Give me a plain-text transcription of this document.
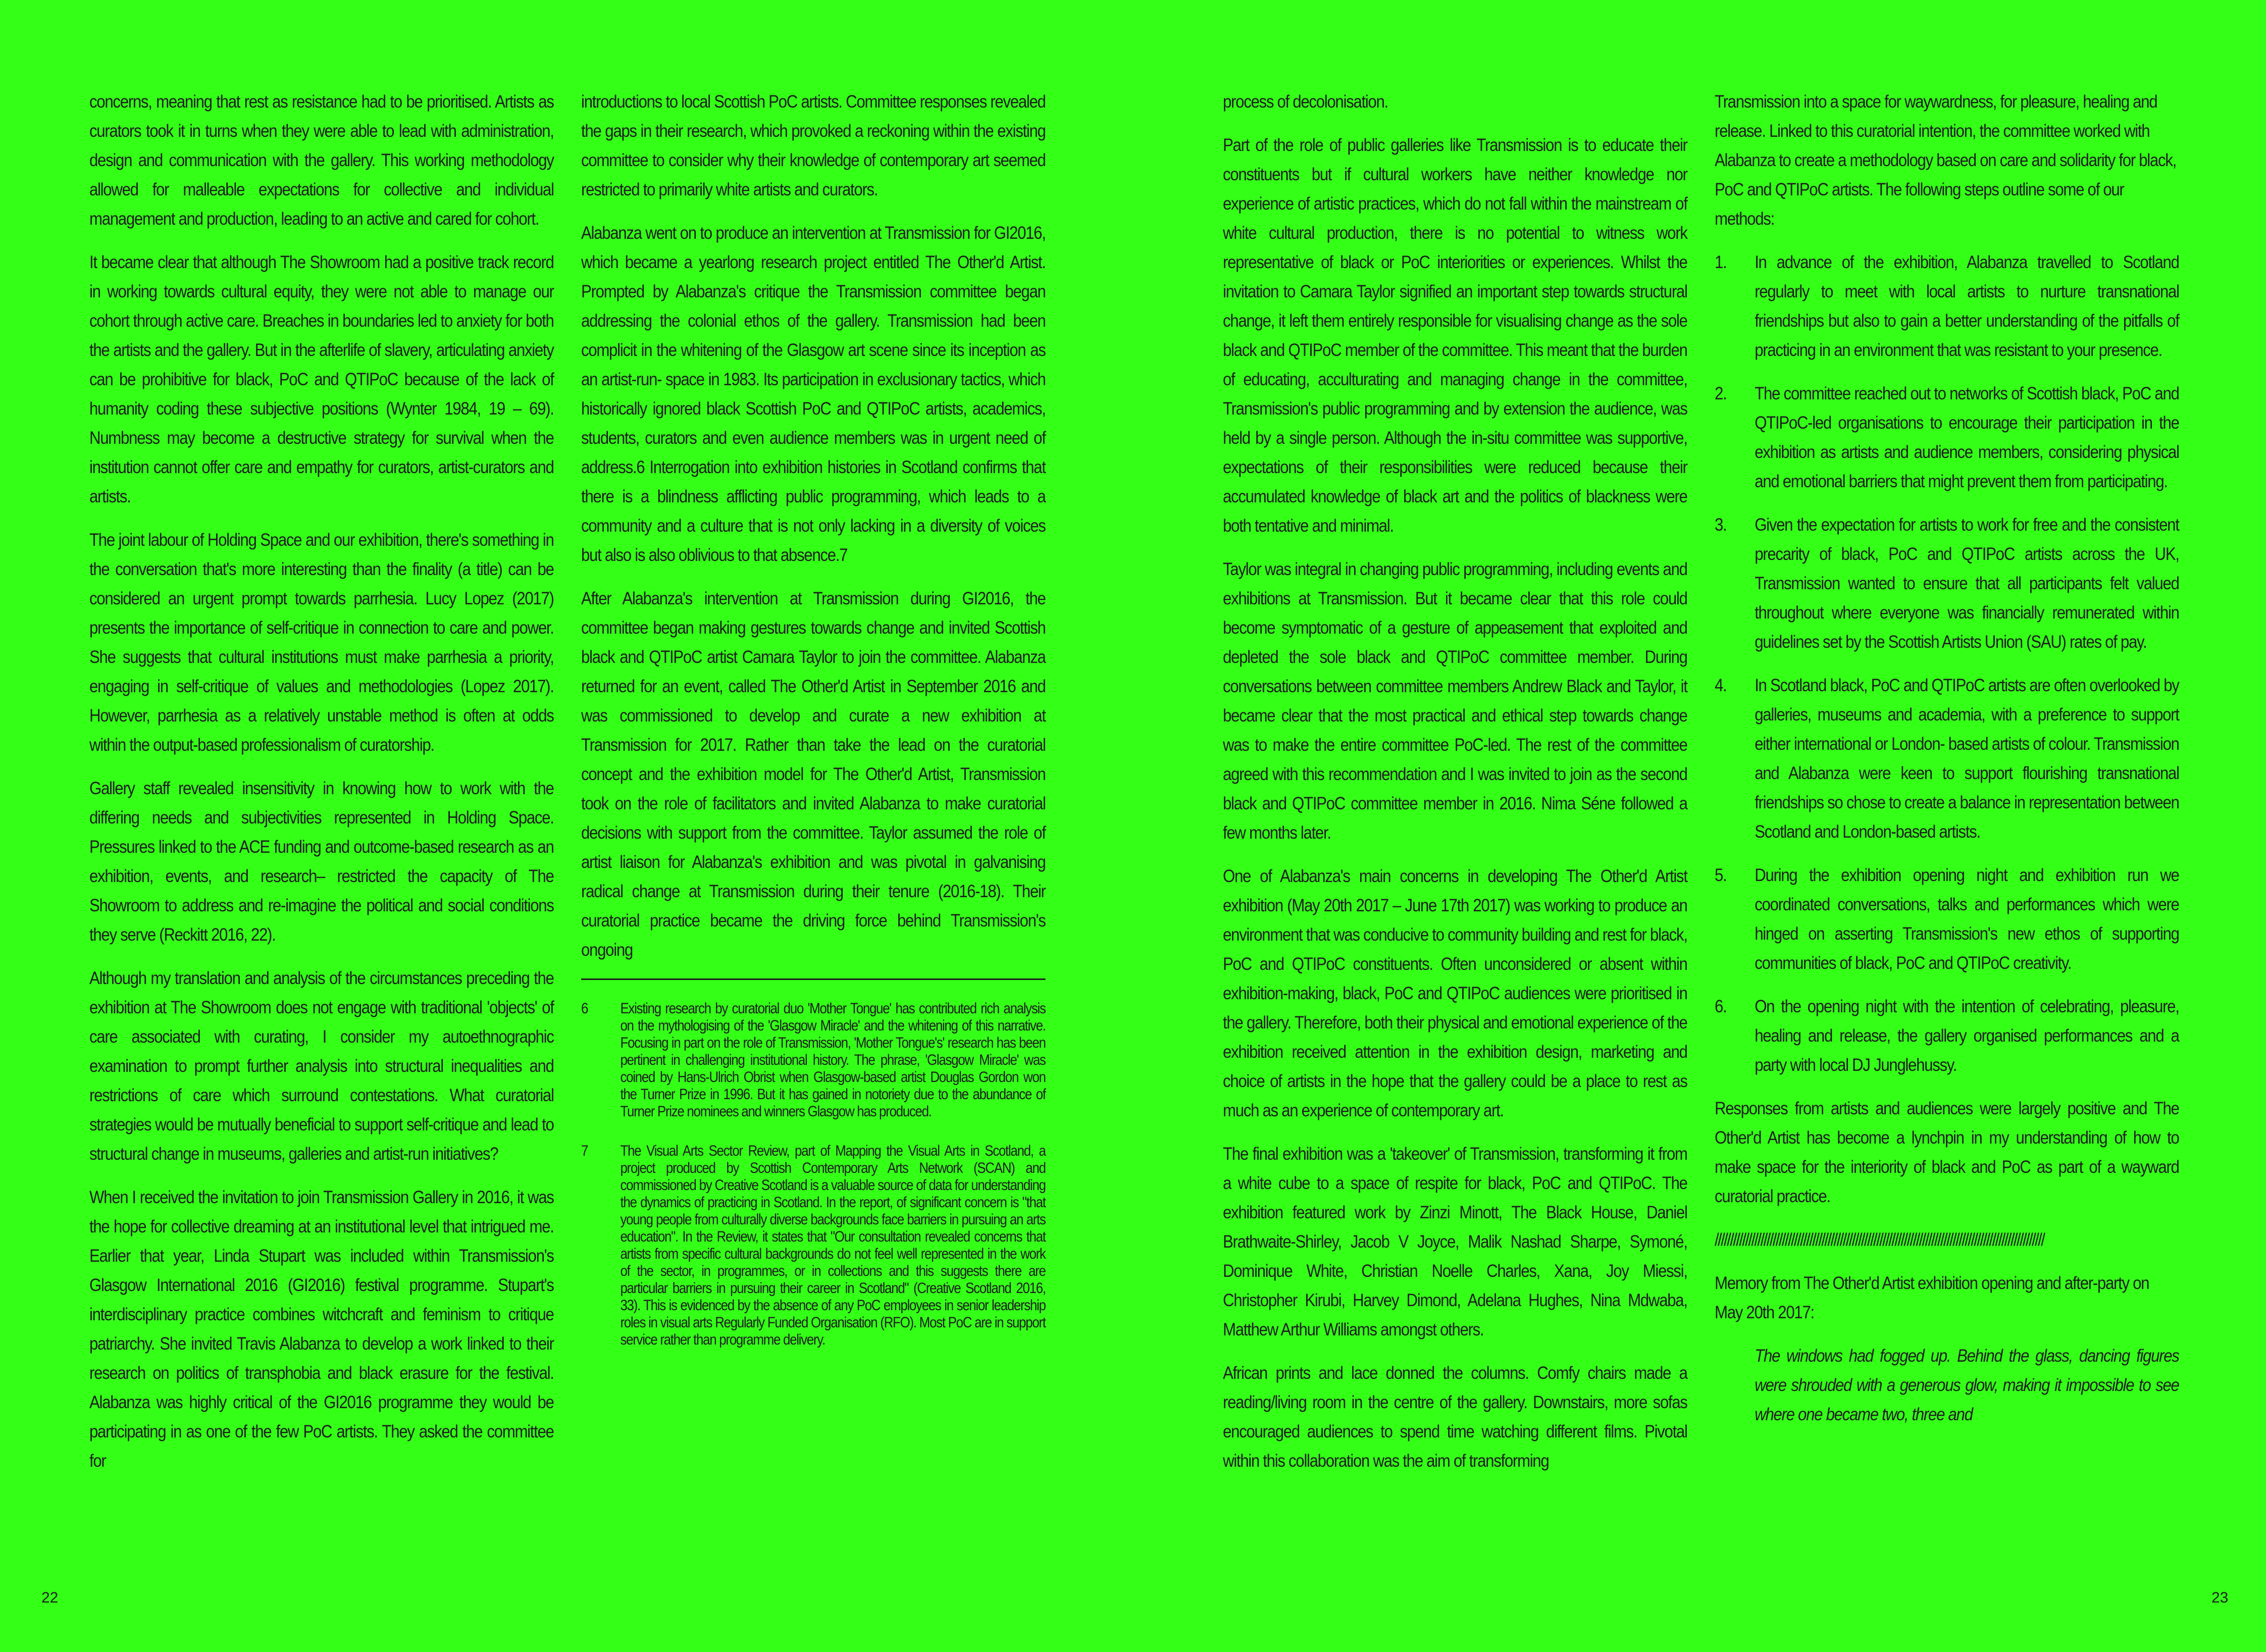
concerns, meaning that rest as resistance had to be prioritised. Artists as curators took it in turns when they were able to lead with administration, design and communication with the gallery. This working methodology allowed for malleable expectations for collective and individual management and production, leading to an active and cared for cohort.

It became clear that although The Showroom had a positive track record in working towards cultural equity, they were not able to manage our cohort through active care. Breaches in boundaries led to anxiety for both the artists and the gallery. But in the afterlife of slavery, articulating anxiety can be prohibitive for black, PoC and QTIPoC because of the lack of humanity coding these subjective positions (Wynter 1984, 19 – 69). Numbness may become a destructive strategy for survival when the institution cannot offer care and empathy for curators, artist-curators and artists.

The joint labour of Holding Space and our exhibition, there's something in the conversation that's more interesting than the finality (a title) can be considered an urgent prompt towards parrhesia. Lucy Lopez (2017) presents the importance of self-critique in connection to care and power. She suggests that cultural institutions must make parrhesia a priority, engaging in self-critique of values and methodologies (Lopez 2017). However, parrhesia as a relatively unstable method is often at odds within the output-based professionalism of curatorship.

Gallery staff revealed insensitivity in knowing how to work with the differing needs and subjectivities represented in Holding Space. Pressures linked to the ACE funding and outcome-based research as an exhibition, events, and research– restricted the capacity of The Showroom to address and re-imagine the political and social conditions they serve (Reckitt 2016, 22).

Although my translation and analysis of the circumstances preceding the exhibition at The Showroom does not engage with traditional 'objects' of care associated with curating, I consider my autoethnographic examination to prompt further analysis into structural inequalities and restrictions of care which surround contestations. What curatorial strategies would be mutually beneficial to support self-critique and lead to structural change in museums, galleries and artist-run initiatives?

When I received the invitation to join Transmission Gallery in 2016, it was the hope for collective dreaming at an institutional level that intrigued me. Earlier that year, Linda Stupart was included within Transmission's Glasgow International 2016 (GI2016) festival programme. Stupart's interdisciplinary practice combines witchcraft and feminism to critique patriarchy. She invited Travis Alabanza to develop a work linked to their research on politics of transphobia and black erasure for the festival. Alabanza was highly critical of the GI2016 programme they would be participating in as one of the few PoC artists. They asked the committee for

introductions to local Scottish PoC artists. Committee responses revealed the gaps in their research, which provoked a reckoning within the existing committee to consider why their knowledge of contemporary art seemed restricted to primarily white artists and curators.

Alabanza went on to produce an intervention at Transmission for GI2016, which became a yearlong research project entitled The Other'd Artist. Prompted by Alabanza's critique the Transmission committee began addressing the colonial ethos of the gallery. Transmission had been complicit in the whitening of the Glasgow art scene since its inception as an artist-run- space in 1983. Its participation in exclusionary tactics, which historically ignored black Scottish PoC and QTIPoC artists, academics, students, curators and even audience members was in urgent need of address.6 Interrogation into exhibition histories in Scotland confirms that there is a blindness afflicting public programming, which leads to a community and a culture that is not only lacking in a diversity of voices but also is also oblivious to that absence.7

After Alabanza's intervention at Transmission during GI2016, the committee began making gestures towards change and invited Scottish black and QTIPoC artist Camara Taylor to join the committee. Alabanza returned for an event, called The Other'd Artist in September 2016 and was commissioned to develop and curate a new exhibition at Transmission for 2017. Rather than take the lead on the curatorial concept and the exhibition model for The Other'd Artist, Transmission took on the role of facilitators and invited Alabanza to make curatorial decisions with support from the committee. Taylor assumed the role of artist liaison for Alabanza's exhibition and was pivotal in galvanising radical change at Transmission during their tenure (2016-18). Their curatorial practice became the driving force behind Transmission's ongoing

6	Existing research by curatorial duo 'Mother Tongue' has contributed rich analysis on the mythologising of the 'Glasgow Miracle' and the whitening of this narrative. Focusing in part on the role of Transmission, 'Mother Tongue's' research has been pertinent in challenging institutional history. The phrase, 'Glasgow Miracle' was coined by Hans-Ulrich Obrist when Glasgow-based artist Douglas Gordon won the Turner Prize in 1996. But it has gained in notoriety due to the abundance of Turner Prize nominees and winners Glasgow has produced.
7	The Visual Arts Sector Review, part of Mapping the Visual Arts in Scotland, a project produced by Scottish Contemporary Arts Network (SCAN) and commissioned by Creative Scotland is a valuable source of data for understanding the dynamics of practicing in Scotland. In the report, of significant concern is "that young people from culturally diverse backgrounds face barriers in pursuing an arts education". In the Review, it states that "Our consultation revealed concerns that artists from specific cultural backgrounds do not feel well represented in the work of the sector, in programmes, or in collections and this suggests there are particular barriers in pursuing their career in Scotland" (Creative Scotland 2016, 33). This is evidenced by the absence of any PoC employees in senior leadership roles in visual arts Regularly Funded Organisation (RFO). Most PoC are in support service rather than programme delivery.
22

process of decolonisation.

Part of the role of public galleries like Transmission is to educate their constituents but if cultural workers have neither knowledge nor experience of artistic practices, which do not fall within the mainstream of white cultural production, there is no potential to witness work representative of black or PoC interiorities or experiences. Whilst the invitation to Camara Taylor signified an important step towards structural change, it left them entirely responsible for visualising change as the sole black and QTIPoC member of the committee. This meant that the burden of educating, acculturating and managing change in the committee, Transmission's public programming and by extension the audience, was held by a single person. Although the in-situ committee was supportive, expectations of their responsibilities were reduced because their accumulated knowledge of black art and the politics of blackness were both tentative and minimal.

Taylor was integral in changing public programming, including events and exhibitions at Transmission. But it became clear that this role could become symptomatic of a gesture of appeasement that exploited and depleted the sole black and QTIPoC committee member. During conversations between committee members Andrew Black and Taylor, it became clear that the most practical and ethical step towards change was to make the entire committee PoC-led. The rest of the committee agreed with this recommendation and I was invited to join as the second black and QTIPoC committee member in 2016. Nima Séne followed a few months later.

One of Alabanza's main concerns in developing The Other'd Artist exhibition (May 20th 2017 – June 17th 2017) was working to produce an environment that was conducive to community building and rest for black, PoC and QTIPoC constituents. Often unconsidered or absent within exhibition-making, black, PoC and QTIPoC audiences were prioritised in the gallery. Therefore, both their physical and emotional experience of the exhibition received attention in the exhibition design, marketing and choice of artists in the hope that the gallery could be a place to rest as much as an experience of contemporary art.

The final exhibition was a 'takeover' of Transmission, transforming it from a white cube to a space of respite for black, PoC and QTIPoC. The exhibition featured work by Zinzi Minott, The Black House, Daniel Brathwaite-Shirley, Jacob V Joyce, Malik Nashad Sharpe, Symoné, Dominique White, Christian Noelle Charles, Xana, Joy Miessi, Christopher Kirubi, Harvey Dimond, Adelana Hughes, Nina Mdwaba, Matthew Arthur Williams amongst others.

African prints and lace donned the columns. Comfy chairs made a reading/living room in the centre of the gallery. Downstairs, more sofas encouraged audiences to spend time watching different films. Pivotal within this collaboration was the aim of transforming

Transmission into a space for waywardness, for pleasure, healing and release. Linked to this curatorial intention, the committee worked with Alabanza to create a methodology based on care and solidarity for black, PoC and QTIPoC artists. The following steps outline some of our methods:

1.	In advance of the exhibition, Alabanza travelled to Scotland regularly to meet with local artists to nurture transnational friendships but also to gain a better understanding of the pitfalls of practicing in an environment that was resistant to your presence.
2.	The committee reached out to networks of Scottish black, PoC and QTIPoC-led organisations to encourage their participation in the exhibition as artists and audience members, considering physical and emotional barriers that might prevent them from participating.
3.	Given the expectation for artists to work for free and the consistent precarity of black, PoC and QTIPoC artists across the UK, Transmission wanted to ensure that all participants felt valued throughout where everyone was financially remunerated within guidelines set by the Scottish Artists Union (SAU) rates of pay.
4.	In Scotland black, PoC and QTIPoC artists are often overlooked by galleries, museums and academia, with a preference to support either international or London- based artists of colour. Transmission and Alabanza were keen to support flourishing transnational friendships so chose to create a balance in representation between Scotland and London-based artists.
5.	During the exhibition opening night and exhibition run we coordinated conversations, talks and performances which were hinged on asserting Transmission's new ethos of supporting communities of black, PoC and QTIPoC creativity.
6.	On the opening night with the intention of celebrating, pleasure, healing and release, the gallery organised performances and a party with local DJ Junglehussy.

Responses from artists and audiences were largely positive and The Other'd Artist has become a lynchpin in my understanding of how to make space for the interiority of black and PoC as part of a wayward curatorial practice.

////////////////////////////////////////////////////////////////////////////////////////////////////////////

Memory from The Other'd Artist exhibition opening and after-party on May 20th 2017:

The windows had fogged up. Behind the glass, dancing figures were shrouded with a generous glow, making it impossible to see where one became two, three and

23
